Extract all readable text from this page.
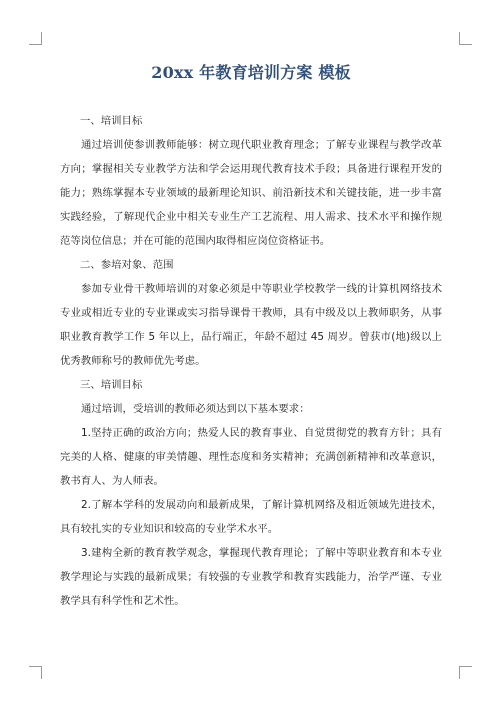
20xx 年教育培训方案 模板

一、培训目标

通过培训使参训教师能够：树立现代职业教育理念；了解专业课程与教学改革方向；掌握相关专业教学方法和学会运用现代教育技术手段；具备进行课程开发的能力；熟练掌握本专业领域的最新理论知识、前沿新技术和关键技能，进一步丰富实践经验，了解现代企业中相关专业生产工艺流程、用人需求、技术水平和操作规范等岗位信息；并在可能的范围内取得相应岗位资格证书。

二、参培对象、范围

参加专业骨干教师培训的对象必须是中等职业学校教学一线的计算机网络技术专业或相近专业的专业课或实习指导课骨干教师，具有中级及以上教师职务，从事职业教育教学工作 5 年以上，品行端正，年龄不超过 45 周岁。曾获市(地)级以上优秀教师称号的教师优先考虑。

三、培训目标

通过培训，受培训的教师必须达到以下基本要求：

1.坚持正确的政治方向；热爱人民的教育事业、自觉贯彻党的教育方针；具有完美的人格、健康的审美情趣、理性态度和务实精神；充满创新精神和改革意识，教书育人、为人师表。

2.了解本学科的发展动向和最新成果，了解计算机网络及相近领域先进技术，具有较扎实的专业知识和较高的专业学术水平。

3.建构全新的教育教学观念，掌握现代教育理论；了解中等职业教育和本专业教学理论与实践的最新成果；有较强的专业教学和教育实践能力，治学严谨、专业教学具有科学性和艺术性。
